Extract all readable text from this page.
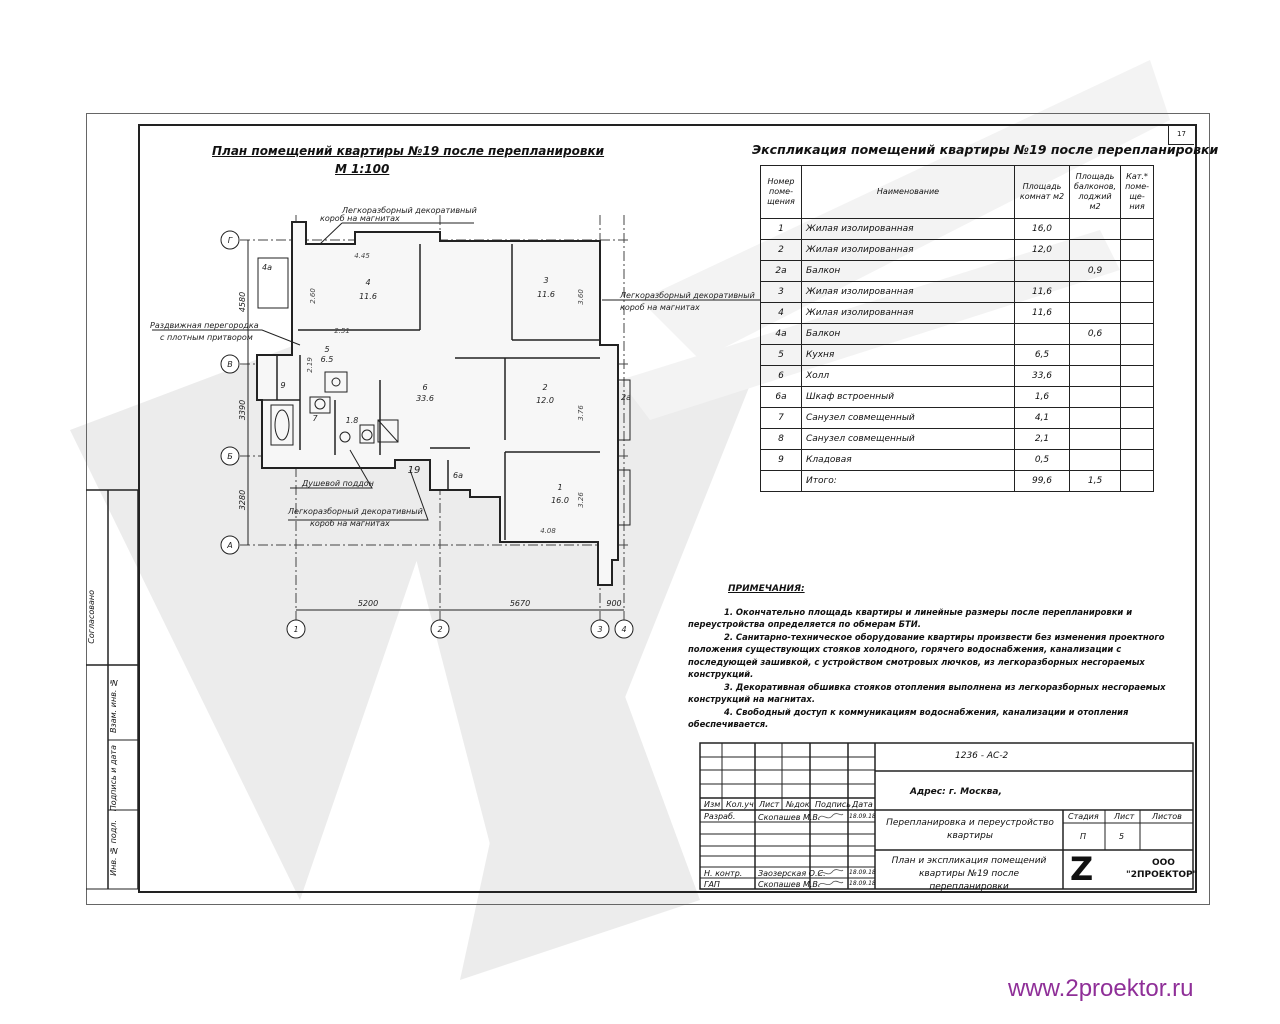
17
План помещений квартиры №19 после перепланировки
М 1:100
Г
В
Б
А
1	2	3 4
5200	5670	900
4580
3390
3280
4
11.6
3
11.6
6
33.6
2
12.0
1
16.0
4а
2а
6а
5
6.5
7	1.8
9
19
4.45
2.60	3.60
2.51
3.76
3.26
4.08
2.19
Легкоразборный декоративный
короб на магнитах
Легкоразборный декоративный
короб на магнитах
Раздвижная перегородка
с плотным притвором
Душевой поддон
Легкоразборный декоративный
короб на магнитах
Экспликация помещений квартиры №19 после перепланировки
Номер поме-щения	Наименование	Площадь комнат м2	Площадь балконов, лоджий м2	Кат.* поме-ще-ния
1	Жилая изолированная	16,0		
2	Жилая изолированная	12,0		
2а	Балкон		0,9	
3	Жилая изолированная	11,6		
4	Жилая изолированная	11,6		
4а	Балкон		0,6	
5	Кухня	6,5		
6	Холл	33,6		
6а	Шкаф встроенный	1,6		
7	Санузел совмещенный	4,1		
8	Санузел совмещенный	2,1		
9	Кладовая	0,5		
	Итого:	99,6	1,5	
ПРИМЕЧАНИЯ:

1. Окончательно площадь квартиры и линейные размеры после перепланировки и переустройства определяется по обмерам БТИ.

2. Санитарно-техническое оборудование квартиры произвести без изменения проектного положения существующих стояков холодного, горячего водоснабжения, канализации с последующей зашивкой, с устройством смотровых лючков, из легкоразборных несгораемых конструкций.

3. Декоративная обшивка стояков отопления выполнена из легкоразборных несгораемых конструкций на магнитах.

4. Свободный доступ к коммуникациям водоснабжения, канализации и отопления обеспечивается.

Согласовано
Взам. инв. №
Подпись и дата
Инв. № подл.
1236 - АС-2
Адрес: г. Москва,
Перепланировка и переустройство квартиры
План и экспликация помещений квартиры №19 после перепланировки
Изм Кол.уч Лист №док Подпись Дата
Разраб.	Скопашев М.В.	18.09.18
Н. контр. Заозерская О.С.	18.09.18
ГАП	Скопашев М.В.	18.09.18
Стадия Лист Листов
П	5
Z	ООО
"2ПРОЕКТОР"
www.2proektor.ru
